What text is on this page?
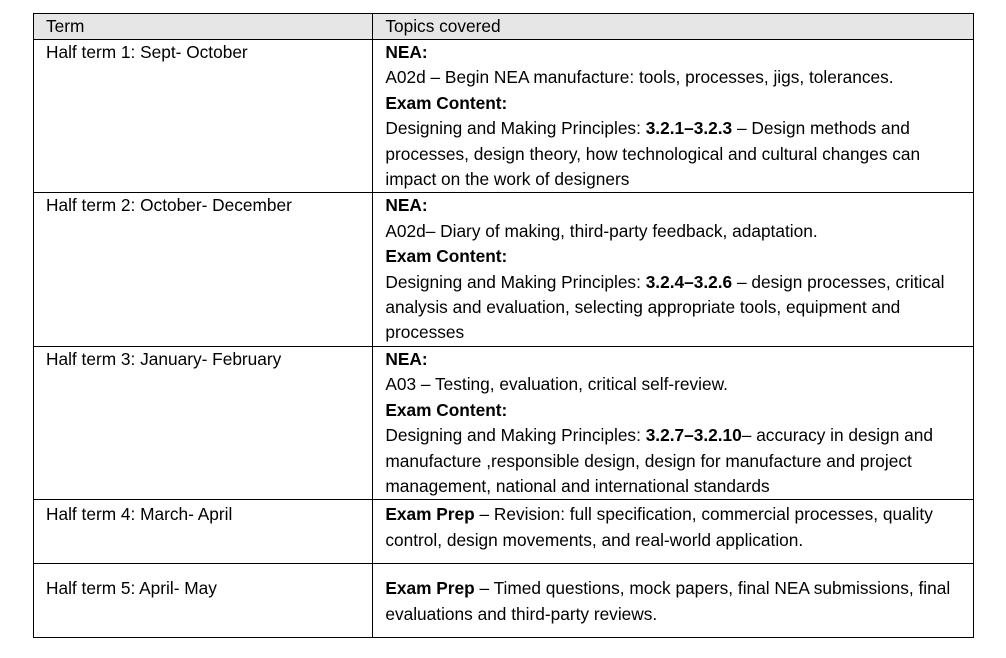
Term	Topics covered
Half term 1: Sept- October	NEA:
A02d – Begin NEA manufacture: tools, processes, jigs, tolerances.
Exam Content:
Designing and Making Principles: 3.2.1–3.2.3 – Design methods and processes, design theory, how technological and cultural changes can impact on the work of designers

Half term 2: October- December	NEA:
A02d– Diary of making, third-party feedback, adaptation.
Exam Content:
Designing and Making Principles: 3.2.4–3.2.6 – design processes, critical analysis and evaluation, selecting appropriate tools, equipment and processes

Half term 3: January- February	NEA:
A03 – Testing, evaluation, critical self-review.
Exam Content:
Designing and Making Principles: 3.2.7–3.2.10– accuracy in design and manufacture ,responsible design, design for manufacture and project management, national and international standards

Half term 4: March- April	Exam Prep – Revision: full specification, commercial processes, quality control, design movements, and real-world application.
Half term 5: April- May	Exam Prep – Timed questions, mock papers, final NEA submissions, final evaluations and third-party reviews.
